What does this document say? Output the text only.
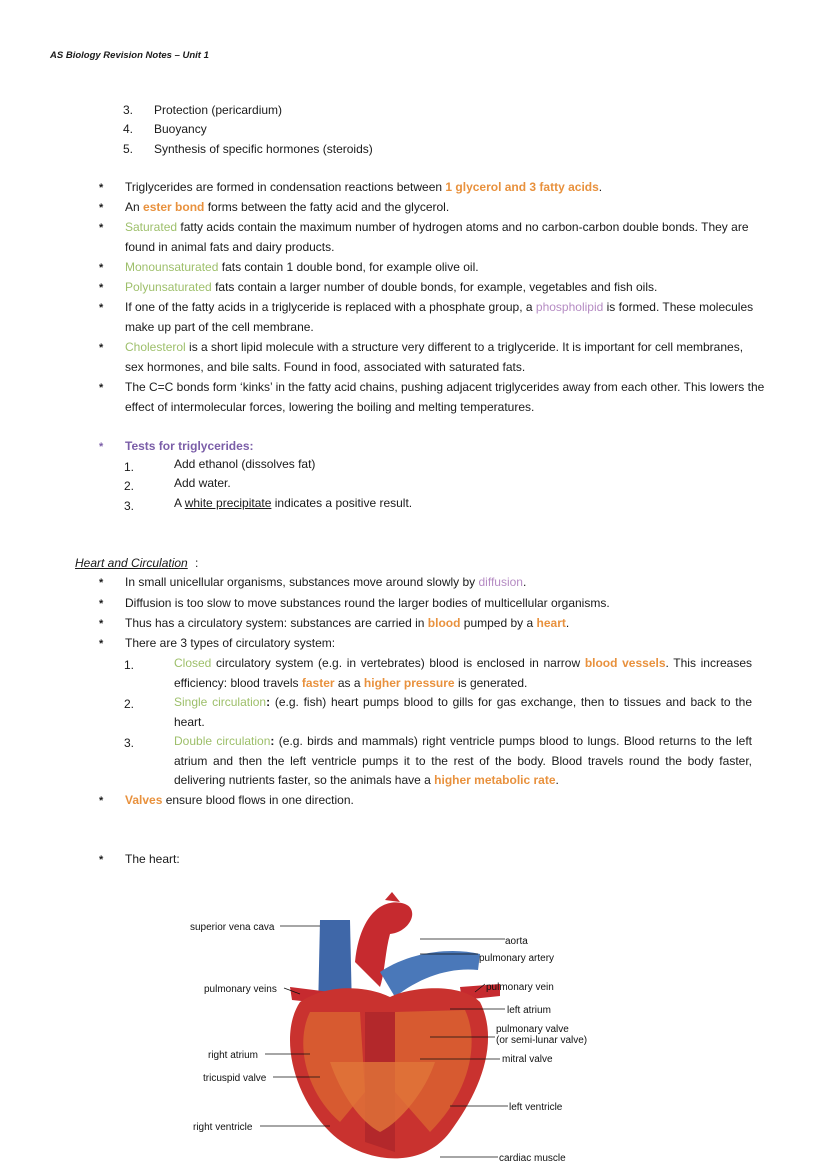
AS Biology Revision Notes – Unit 1
3. Protection (pericardium)
4. Buoyancy
5. Synthesis of specific hormones (steroids)
* Triglycerides are formed in condensation reactions between 1 glycerol and 3 fatty acids.
* An ester bond forms between the fatty acid and the glycerol.
* Saturated fatty acids contain the maximum number of hydrogen atoms and no carbon-carbon double bonds. They are found in animal fats and dairy products.
* Monounsaturated fats contain 1 double bond, for example olive oil.
* Polyunsaturated fats contain a larger number of double bonds, for example, vegetables and fish oils.
* If one of the fatty acids in a triglyceride is replaced with a phosphate group, a phospholipid is formed. These molecules make up part of the cell membrane.
* Cholesterol is a short lipid molecule with a structure very different to a triglyceride. It is important for cell membranes, sex hormones, and bile salts. Found in food, associated with saturated fats.
* The C=C bonds form ‘kinks’ in the fatty acid chains, pushing adjacent triglycerides away from each other. This lowers the effect of intermolecular forces, lowering the boiling and melting temperatures.
* Tests for triglycerides:
1.	Add ethanol (dissolves fat)
2.	Add water.
3.	A white precipitate indicates a positive result.
Heart and Circulation :
* In small unicellular organisms, substances move around slowly by diffusion.
* Diffusion is too slow to move substances round the larger bodies of multicellular organisms.
* Thus has a circulatory system: substances are carried in blood pumped by a heart.
* There are 3 types of circulatory system:
1.	Closed circulatory system (e.g. in vertebrates) blood is enclosed in narrow blood vessels. This increases efficiency: blood travels faster as a higher pressure is generated.
2.	Single circulation: (e.g. fish) heart pumps blood to gills for gas exchange, then to tissues and back to the heart.
3.	Double circulation: (e.g. birds and mammals) right ventricle pumps blood to lungs. Blood returns to the left atrium and then the left ventricle pumps it to the rest of the body. Blood travels round the body faster, delivering nutrients faster, so the animals have a higher metabolic rate.
* Valves ensure blood flows in one direction.
* The heart:
superior vena cava
pulmonary veins
right atrium
tricuspid valve
right ventricle
aorta
pulmonary artery
pulmonary vein
left atrium
pulmonary valve
(or semi-lunar valve)
mitral valve
left ventricle
cardiac muscle
